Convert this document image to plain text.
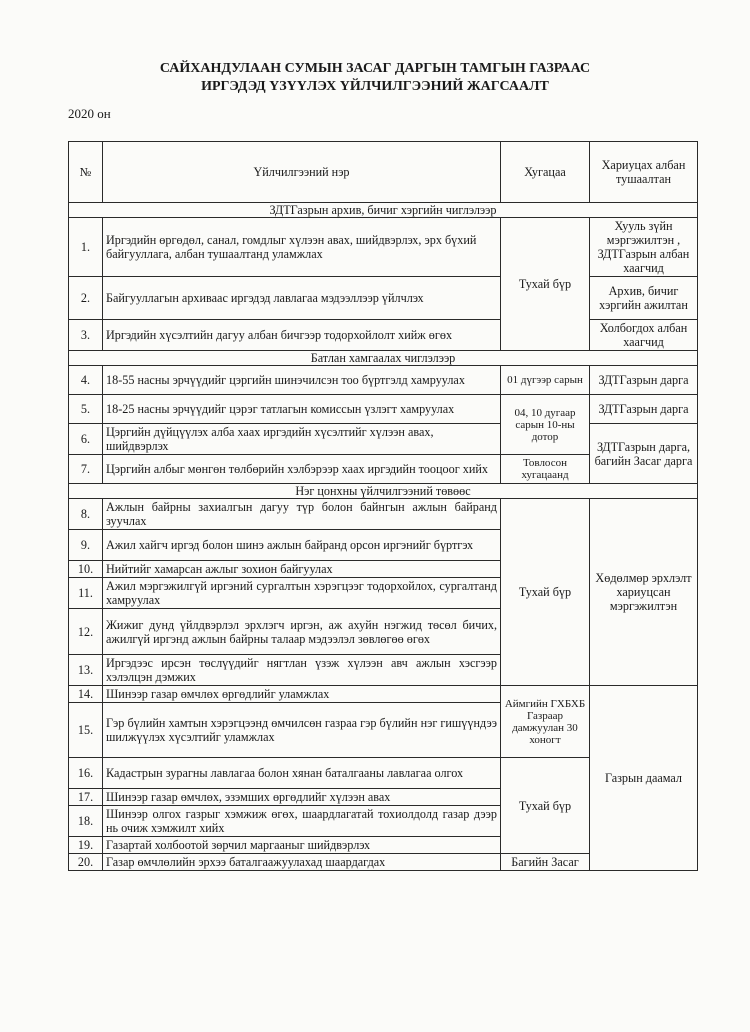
САЙХАНДУЛААН СУМЫН ЗАСАГ ДАРГЫН ТАМГЫН ГАЗРААС
ИРГЭДЭД ҮЗҮҮЛЭХ ҮЙЛЧИЛГЭЭНИЙ ЖАГСААЛТ
2020 он
№	Үйлчилгээний нэр	Хугацаа	Хариуцах албан тушаалтан
ЗДТГазрын архив, бичиг хэргийн чиглэлээр			
1.	Иргэдийн өргөдөл, санал, гомдлыг хүлээн авах, шийдвэрлэх, эрх бүхий байгууллага, албан тушаалтанд уламжлах	Тухай бүр	Хууль зүйн мэргэжилтэн , ЗДТГазрын албан хаагчид
2.	Байгууллагын архиваас иргэдэд лавлагаа мэдээллээр үйлчлэх		Архив, бичиг хэргийн ажилтан
3.	Иргэдийн хүсэлтийн дагуу албан бичгээр тодорхойлолт хийж өгөх		Холбогдох албан хаагчид
Батлан хамгаалах чиглэлээр			
4.	18-55 насны эрчүүдийг цэргийн шинэчилсэн тоо бүртгэлд хамруулах	01 дүгээр сарын	ЗДТГазрын дарга
5.	18-25 насны эрчүүдийг цэрэг татлагын комиссын үзлэгт хамруулах	04, 10 дугаар сарын 10-ны дотор	ЗДТГазрын дарга
6.	Цэргийн дүйцүүлэх алба хаах иргэдийн хүсэлтийг хүлээн авах, шийдвэрлэх		ЗДТГазрын дарга, багийн Засаг дарга
7.	Цэргийн албыг мөнгөн төлбөрийн хэлбэрээр хаах иргэдийн тооцоог хийх	Товлосон хугацаанд	
Нэг цонхны үйлчилгээний төвөөс			
8.	Ажлын байрны захиалгын дагуу түр болон байнгын ажлын байранд зуучлах	Тухай бүр	Хөдөлмөр эрхлэлт хариуцсан мэргэжилтэн
9.	Ажил хайгч иргэд болон шинэ ажлын байранд орсон иргэнийг бүртгэх		
10.	Нийтийг хамарсан ажлыг зохион байгуулах		
11.	Ажил мэргэжилгүй иргэний сургалтын хэрэгцээг тодорхойлох, сургалтанд хамруулах		
12.	Жижиг дунд үйлдвэрлэл эрхлэгч иргэн, аж ахуйн нэгжид төсөл бичих, ажилгүй иргэнд ажлын байрны талаар мэдээлэл зөвлөгөө өгөх		
13.	Иргэдээс ирсэн төслүүдийг нягтлан үзэж хүлээн авч ажлын хэсгээр хэлэлцэн дэмжих		
14.	Шинээр газар өмчлөх өргөдлийг уламжлах	Аймгийн ГХБХБ Газраар дамжуулан 30 хоногт	Газрын даамал
15.	Гэр бүлийн хамтын хэрэгцээнд өмчилсөн газраа гэр бүлийн нэг гишүүндээ шилжүүлэх хүсэлтийг уламжлах		
16.	Кадастрын зурагны лавлагаа болон хянан баталгааны лавлагаа олгох	Тухай бүр	
17.	Шинээр газар өмчлөх, эзэмших өргөдлийг хүлээн авах		
18.	Шинээр олгох газрыг хэмжиж өгөх, шаардлагатай тохиолдолд газар дээр нь очиж хэмжилт хийх		
19.	Газартай холбоотой зөрчил маргааныг шийдвэрлэх		
20.	Газар өмчлөлийн эрхээ баталгаажуулахад шаардагдах	Багийн Засаг	
